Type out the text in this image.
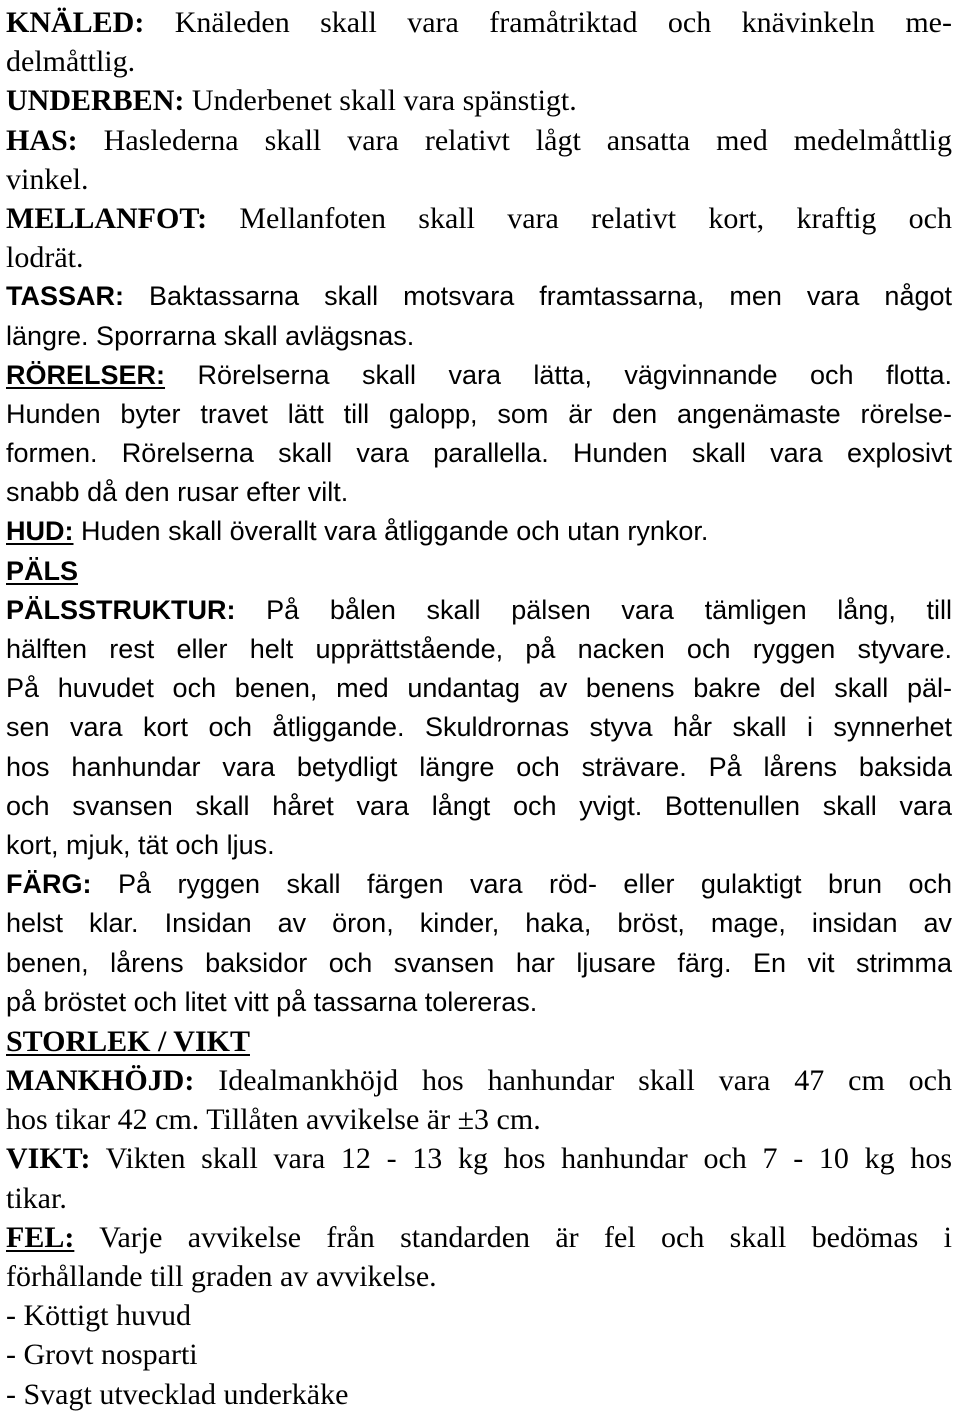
KNÄLED: Knäleden skall vara framåtriktad och knävinkeln me-
delmåttlig.

UNDERBEN: Underbenet skall vara spänstigt.

HAS: Haslederna skall vara relativt lågt ansatta med medelmåttlig
vinkel.

MELLANFOT: Mellanfoten skall vara relativt kort, kraftig och
lodrät.

TASSAR: Baktassarna skall motsvara framtassarna, men vara något
längre. Sporrarna skall avlägsnas.

RÖRELSER: Rörelserna skall vara lätta, vägvinnande och flotta.
Hunden byter travet lätt till galopp, som är den angenämaste rörelse-
formen. Rörelserna skall vara parallella. Hunden skall vara explosivt
snabb då den rusar efter vilt.

HUD: Huden skall överallt vara åtliggande och utan rynkor.

PÄLS

PÄLSSTRUKTUR: På bålen skall pälsen vara tämligen lång, till
hälften rest eller helt upprättstående, på nacken och ryggen styvare.
På huvudet och benen, med undantag av benens bakre del skall päl-
sen vara kort och åtliggande. Skuldrornas styva hår skall i synnerhet
hos hanhundar vara betydligt längre och strävare. På lårens baksida
och svansen skall håret vara långt och yvigt. Bottenullen skall vara
kort, mjuk, tät och ljus.

FÄRG: På ryggen skall färgen vara röd- eller gulaktigt brun och
helst klar. Insidan av öron, kinder, haka, bröst, mage, insidan av
benen, lårens baksidor och svansen har ljusare färg. En vit strimma
på bröstet och litet vitt på tassarna tolereras.

STORLEK / VIKT

MANKHÖJD: Idealmankhöjd hos hanhundar skall vara 47 cm och
hos tikar 42 cm. Tillåten avvikelse är ±3 cm.

VIKT: Vikten skall vara 12 - 13 kg hos hanhundar och 7 - 10 kg hos
tikar.

FEL: Varje avvikelse från standarden är fel och skall bedömas i
förhållande till graden av avvikelse.
- Köttigt huvud
- Grovt nosparti
- Svagt utvecklad underkäke
